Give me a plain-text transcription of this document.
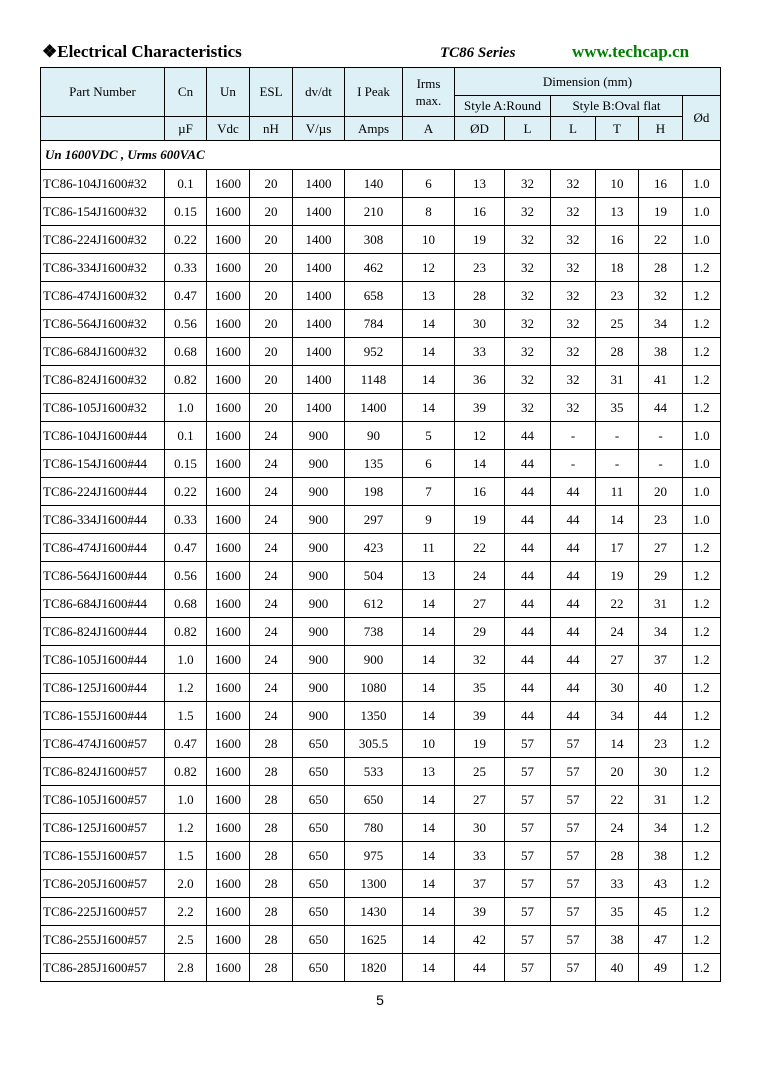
❖Electrical Characteristics	TC86 Series	www.techcap.cn
Part Number	Cn	Un	ESL	dv/dt	I Peak	Irms max.	Dimension (mm)					
							Style A:Round		Style B:Oval flat			Ød
	µF	Vdc	nH	V/µs	Amps	A	ØD	L	L	T	H	
Un 1600VDC , Urms 600VAC												
TC86-104J1600#32	0.1	1600	20	1400	140	6	13	32	32	10	16	1.0
TC86-154J1600#32	0.15	1600	20	1400	210	8	16	32	32	13	19	1.0
TC86-224J1600#32	0.22	1600	20	1400	308	10	19	32	32	16	22	1.0
TC86-334J1600#32	0.33	1600	20	1400	462	12	23	32	32	18	28	1.2
TC86-474J1600#32	0.47	1600	20	1400	658	13	28	32	32	23	32	1.2
TC86-564J1600#32	0.56	1600	20	1400	784	14	30	32	32	25	34	1.2
TC86-684J1600#32	0.68	1600	20	1400	952	14	33	32	32	28	38	1.2
TC86-824J1600#32	0.82	1600	20	1400	1148	14	36	32	32	31	41	1.2
TC86-105J1600#32	1.0	1600	20	1400	1400	14	39	32	32	35	44	1.2
TC86-104J1600#44	0.1	1600	24	900	90	5	12	44	-	-	-	1.0
TC86-154J1600#44	0.15	1600	24	900	135	6	14	44	-	-	-	1.0
TC86-224J1600#44	0.22	1600	24	900	198	7	16	44	44	11	20	1.0
TC86-334J1600#44	0.33	1600	24	900	297	9	19	44	44	14	23	1.0
TC86-474J1600#44	0.47	1600	24	900	423	11	22	44	44	17	27	1.2
TC86-564J1600#44	0.56	1600	24	900	504	13	24	44	44	19	29	1.2
TC86-684J1600#44	0.68	1600	24	900	612	14	27	44	44	22	31	1.2
TC86-824J1600#44	0.82	1600	24	900	738	14	29	44	44	24	34	1.2
TC86-105J1600#44	1.0	1600	24	900	900	14	32	44	44	27	37	1.2
TC86-125J1600#44	1.2	1600	24	900	1080	14	35	44	44	30	40	1.2
TC86-155J1600#44	1.5	1600	24	900	1350	14	39	44	44	34	44	1.2
TC86-474J1600#57	0.47	1600	28	650	305.5	10	19	57	57	14	23	1.2
TC86-824J1600#57	0.82	1600	28	650	533	13	25	57	57	20	30	1.2
TC86-105J1600#57	1.0	1600	28	650	650	14	27	57	57	22	31	1.2
TC86-125J1600#57	1.2	1600	28	650	780	14	30	57	57	24	34	1.2
TC86-155J1600#57	1.5	1600	28	650	975	14	33	57	57	28	38	1.2
TC86-205J1600#57	2.0	1600	28	650	1300	14	37	57	57	33	43	1.2
TC86-225J1600#57	2.2	1600	28	650	1430	14	39	57	57	35	45	1.2
TC86-255J1600#57	2.5	1600	28	650	1625	14	42	57	57	38	47	1.2
TC86-285J1600#57	2.8	1600	28	650	1820	14	44	57	57	40	49	1.2
5
